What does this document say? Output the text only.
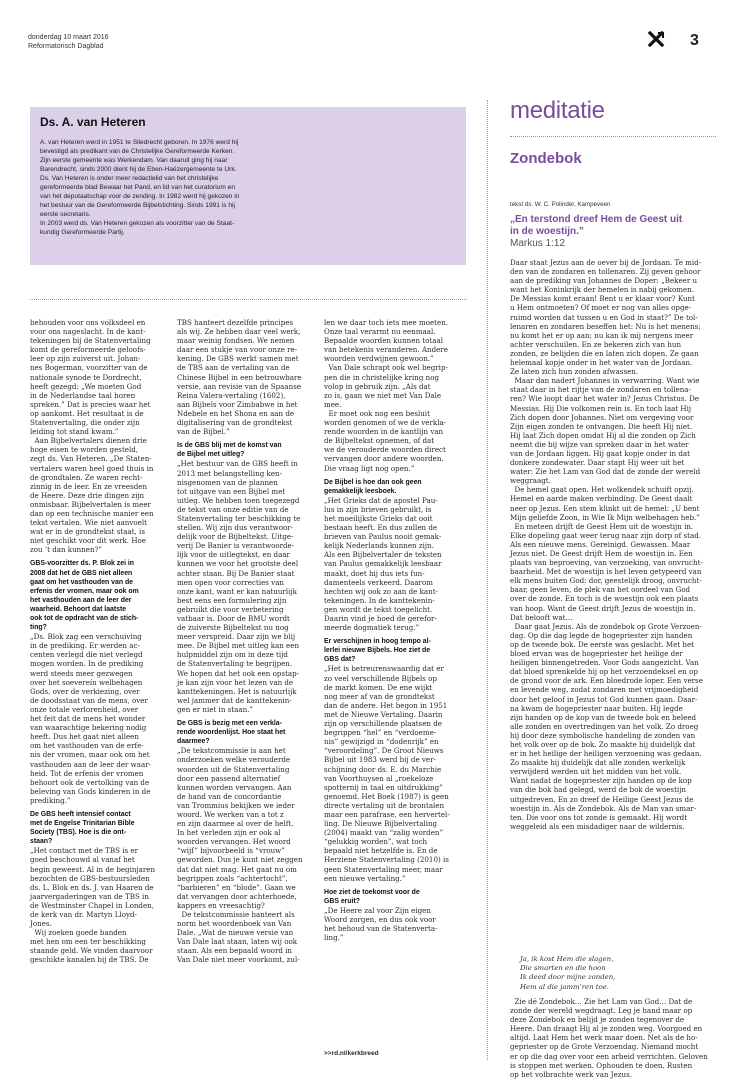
donderdag 10 maart 2016
Reformatorisch Dagblad	3
Ds. A. van Heteren
A. van Heteren werd in 1951 te Sliedrecht geboren. In 1976 werd hij
bevestigd als predikant van de Christelijke Gereformeerde Kerken.
Zijn eerste gemeente was Werkendam. Van daaruit ging hij naar
Barendrecht, sinds 2000 dient hij de Eben-Haëzergemeente te Urk.
Ds. Van Heteren is onder meer redactielid van het christelijke
gereformeerde blad Bewaar het Pand, en lid van het curatorium en
van het deputaatschap voor de zending. In 1982 werd hij gekozen in
het bestuur van de Gereformeerde Bijbelstichting. Sinds 1991 is hij
eerste secretaris.
In 2003 werd ds. Van Heteren gekozen als voorzitter van de Staat-
kundig Gereformeerde Partij.
behouden voor ons volksdeel en
voor ons nageslacht. In de kant-
tekeningen bij de Statenvertaling
komt de gereformeerde geloofs-
leer op zijn zuiverst uit. Johan-
nes Bogerman, voorzitter van de
nationale synode te Dordrecht,
heeft gezegd: „We moeten God
in de Nederlandse taal horen
spreken.” Dat is precies waar het
op aankomt. Het resultaat is de
Statenvertaling, die onder zijn
leiding tot stand kwam.”
Aan Bijbelvertalers dienen drie
hoge eisen te worden gesteld,
zegt ds. Van Heteren. „De Staten-
vertalers waren heel goed thuis in
de grondtalen. Ze waren recht-
zinnig in de leer. En ze vreesden
de Heere. Deze drie dingen zijn
onmisbaar. Bijbelvertalen is meer
dan op een technische manier een
tekst vertalen. Wie niet aanvoelt
wat er in de grondtekst staat, is
niet geschikt voor dit werk. Hoe
zou ’t dan kunnen?”
GBS-voorzitter ds. P. Blok zei in
2008 dat het de GBS niet alleen
gaat om het vasthouden van de
erfenis der vromen, maar ook om
het vasthouden aan de leer der
waarheid. Behoort dat laatste
ook tot de opdracht van de stich-
ting?
„Ds. Blok zag een verschuiving
in de prediking. Er werden ac-
centen verlegd die niet verlegd
mogen worden. In de prediking
werd steeds meer gezwegen
over het soevereín welbehagen
Gods, over de verkiezing, over
de doodsstaat van de mens, over
onze totale verlorenheid, over
het feit dat de mens het wonder
van waarachtige bekering nodig
heeft. Dus het gaat niet alleen
om het vasthouden van de erfe-
nis der vromen, maar ook om het
vasthouden aan de leer der waar-
heid. Tot de erfenis der vromen
behoort ook de vertolking van de
beleving van Gods kinderen in de
prediking.”
De GBS heeft intensief contact
met de Engelse Trinitarian Bible
Society (TBS). Hoe is die ont-
staan?
„Het contact met de TBS is er
goed beschouwd al vanaf het
begin geweest. Al in de beginjaren
bezochten de GBS-bestuursleden
ds. L. Blok en ds. J. van Haaren de
jaarvergaderingen van de TBS in
de Westminster Chapel in Londen,
de kerk van dr. Martyn Lloyd-
Jones.
Wij zoeken goede banden
met hen om een ter beschikking
staande geld. We vinden daarvoor
geschikte kanalen bij de TBS. De
TBS hanteert dezelfde principes
als wij. Ze hebben daar veel werk,
maar weinig fondsen. We nemen
daar een stukje van voor onze re-
kening. De GBS werkt samen met
de TBS aan de vertaling van de
Chinese Bijbel in een betrouwbare
versie, aan revisie van de Spaanse
Reina Valera-vertaling (1602),
aan Bijbels voor Zimbabwe in het
Ndebele en het Shona en aan de
digitalisering van de grondtekst
van de Bijbel.”
Is de GBS blij met de komst van
de Bijbel met uitleg?
„Het bestuur van de GBS heeft in
2013 met belangstelling ken-
nisgenomen van de plannen
tot uitgave van een Bijbel met
uitleg. We hebben toen toegezegd
de tekst van onze editie van de
Statenvertaling ter beschikking te
stellen. Wij zijn dus verantwoor-
delijk voor de Bijbeltekst. Uitge-
verij De Banier is verantwoorde-
lijk voor de uitlegtekst, en daar
kunnen we voor het grootste deel
achter staan. Bij De Banier staat
men open voor correcties van
onze kant, want er kan natuurlijk
best eens een formulering zijn
gebruikt die voor verbetering
vatbaar is. Door de BMU wordt
de zuiverste Bijbeltekst nu nog
meer verspreid. Daar zijn we blij
mee. De Bijbel met uitleg kan een
hulpmiddel zijn om in deze tijd
de Statenvertaling te begrijpen.
We hopen dat het ook een opstap-
je kan zijn voor het lezen van de
kanttekeningen. Het is natuurlijk
wel jammer dat de kanttekenin-
gen er niet in staan.”
De GBS is bezig met een verkla-
rende woordenlijst. Hoe staat het
daarmee?
„De tekstcommissie is aan het
onderzoeken welke verouderde
woorden uit de Statenvertaling
door een passend alternatief
kunnen worden vervangen. Aan
de hand van de concordantie
van Trommius bekijken we ieder
woord. We werken van a tot z
en zijn daarmee al over de helft.
In het verleden zijn er ook al
woorden vervangen. Het woord
“wijf” bijvoorbeeld is “vrouw”
geworden. Dus je kunt niet zeggen
dat dat niet mag. Het gaat nu om
begrippen zoals “achtertocht”,
“barbieren” en “blode”. Gaan we
dat vervangen door achterhoede,
kappers en vreesachtig?
De tekstcommissie hanteert als
norm het woordenboek van Van
Dale. „Wat de nieuwe versie van
Van Dale laat staan, laten wij ook
staan. Als een bepaald woord in
Van Dale niet meer voorkomt, zul-
len we daar toch iets mee moeten.
Onze taal verarmt nu eenmaal.
Bepaalde woorden kunnen totaal
van betekenis veranderen. Andere
woorden verdwijnen gewoon.”
Van Dale schrapt ook wel begrip-
pen die in christelijke kring nog
volop in gebruik zijn. „Als dat
zo is, gaan we niet met Van Dale
mee.
Er moet ook nog een besluit
worden genomen of we de verkla-
rende woorden in de kantlijn van
de Bijbeltekst opnemen, of dat
we de verouderde woorden direct
vervangen door andere woorden.
Die vraag ligt nog open.”
De Bijbel is hoe dan ook geen
gemakkelijk leesboek.
„Het Grieks dat de apostel Pau-
lus in zijn brieven gebruikt, is
het moeilijkste Grieks dat ooit
bestaan heeft. En dus zullen de
brieven van Paulus nooit gemak-
kelijk Nederlands kunnen zijn.
Als een Bijbelvertaler de teksten
van Paulus gemakkelijk leesbaar
maakt, doet hij dus iets fun-
damenteels verkeerd. Daarom
hechten wij ook zo aan de kant-
tekeningen. In de kanttekenin-
gen wordt de tekst toegelicht.
Daarin vind je hoed de gerefor-
meerde dogmatiek terug.”
Er verschijnen in hoog tempo al-
lerlei nieuwe Bijbels. Hoe ziet de
GBS dat?
„Het is betreurenswaardig dat er
zo veel verschillende Bijbels op
de markt komen. De ene wijkt
nog meer af van de grondtekst
dan de andere. Het begon in 1951
met de Nieuwe Vertaling. Daarin
zijn op verschillende plaatsen de
begrippen “hel” en “verdoeme-
nis” gewijzigd in “dodenrijk” en
“veroordeling”. De Groot Nieuws
Bijbel uit 1983 werd bij de ver-
schijning door ds. E. du Marchie
van Voorthuysen al „roekeloze
spotternij in taal en uitdrukking”
genoemd. Het Boek (1987) is geen
directe vertaling uit de brontalen
maar een parafrase, een hervertel-
ling. De Nieuwe Bijbelvertaling
(2004) maakt van “zalig worden”
“gelukkig worden”, wat toch
bepaald niet hetzelfde is. En de
Herziene Statenvertaling (2010) is
geen Statenvertaling meer, maar
een nieuwe vertaling.”
Hoe ziet de toekomst voor de
GBS eruit?
„De Heere zal voor Zijn eigen
Woord zorgen, en dus ook voor
het behoud van de Statenverta-
ling.”
>>rd.nl/kerkbreed
meditatie
Zondebok
tekst ds. W. C. Polinder, Kampeveen
„En terstond dreef Hem de Geest uit
in de woestijn.”
Markus 1:12
Daar staat Jezus aan de oever bij de Jordaan. Te mid-
den van de zondaren en tollenaren. Zij geven gehoor
aan de prediking van Johannes de Doper: „Bekeer u
want het Koninkrijk der hemelen is nabij gekomen.
De Messias komt eraan! Bent u er klaar voor? Kunt
u Hem ontmoeten? Of moet er nog van alles opge-
ruimd worden dat tussen u en God in staat?” De tol-
lenaren en zondaren beseffen het: Nu is het menens;
nu komt het er op aan; nu kan ik mij nergens meer
achter verschuilen. En ze bekeren zich van hun
zonden, ze belijden die en laten zich dopen. Ze gaan
helemaal kopje onder in het water van de Jordaan.
Ze laten zich hun zonden afwassen.
Maar dan nadert Johannes in verwarring. Want wie
staat daar in het rijtje van de zondaren en tollena-
ren? Wie loopt daar het water in? Jezus Christus. De
Messias. Hij Die volkomen rein is. En toch laat Hij
Zich dopen door Johannes. Niet om vergeving voor
Zijn eigen zonden te ontvangen. Die heeft Hij niet.
Hij laat Zich dopen omdat Hij al die zonden op Zich
neemt die bij wijze van spreken daar in het water
van de Jordaan liggen. Hij gaat kopje onder in dat
donkere zondewater. Daar stapt Hij weer uit het
water: Zie het Lam van God dat de zonde der wereld
weggraagt.
De hemel gaat open. Het wolkendek schuift opzij.
Hemel en aarde maken verbinding. De Geest daalt
neer op Jezus. Een stem klinkt uit de hemel: „U bent
Mijn geliefde Zoon, in Wie Ik Mijn welbehagen heb.”
En meteen drijft de Geest Hem uit de woestijn in.
Elke dopeling gaat weer terug naar zijn dorp of stad.
Als een nieuwe mens. Gereinigd. Gewassen. Maar
Jezus niet. De Geest drijft Hem de woestijn in. Een
plaats van beproeving, van verzoeking, van onvrucht-
baarheid. Met de woestijn is het leven getypeerd van
elk mens buiten God: dor, geestelijk droog, onvrucht-
baar, geen leven, de plek van het oordeel van God
over de zonde. En toch is de woestijn ook een plaats
van hoop. Want de Geest drijft Jezus de woestijn in.
Dat belooft wat…
Daar gaat Jezus. Als de zondebok op Grote Verzoen-
dag. Op die dag legde de hogepriester zijn handen
op de tweede bok. De eerste was geslacht. Met het
bloed ervan was de hogepriester het heilige der
heiligen binnengetreden. Voor Gods aangezicht. Van
dat bloed sprenkelde hij op het verzoendeksel en op
de grond voor de ark. Een bloedrode loper. Een verse
en levende weg, zodat zondaren met vrijmoedigheid
door het geloof in Jezus tot God kunnen gaan. Daar-
na kwam de hogepriester naar buiten. Hij legde
zijn handen op de kop van de tweede bok en beleed
alle zonden en overtredingen van het volk. Zo droeg
hij door deze symbolische handeling de zonden van
het volk over op de bok. Zo maakte hij duidelijk dat
er in het heilige der heiligen verzoening was gedaan.
Zo maakte hij duidelijk dat alle zonden werkelijk
verwijderd werden uit het midden van het volk.
Want nadat de hogepriester zijn handen op de kop
van die bok had gelegd, werd de bok de woestijn
uitgedreven. En zo dreef de Heilige Geest Jezus de
woestijn in. Als de Zondebok. Als de Man van smar-
ten. Die voor ons tot zonde is gemaakt. Hij wordt
weggeleid als een misdadiger naar de wildernis.
Ja, ik kost Hem die slagen,
Die smarten en die hoon
Ik deed door mijne zonden,
Hem al die jamm’ren toe.
Zie dé Zondebok… Zie het Lam van God… Dat de
zonde der wereld wegdraagt. Leg je hand maar op
deze Zondebok en belijd je zonden tegenover de
Heere. Dan draagt Hij al je zonden weg. Voorgoed en
altijd. Laat Hem het werk maar doen. Net als de ho-
gepriester op de Grote Verzoendag. Niemand mocht
er op die dag over voor een arbeid verrichten. Geloven
is stoppen met werken. Ophouden te doen. Rusten
op het volbrachte werk van Jezus.
